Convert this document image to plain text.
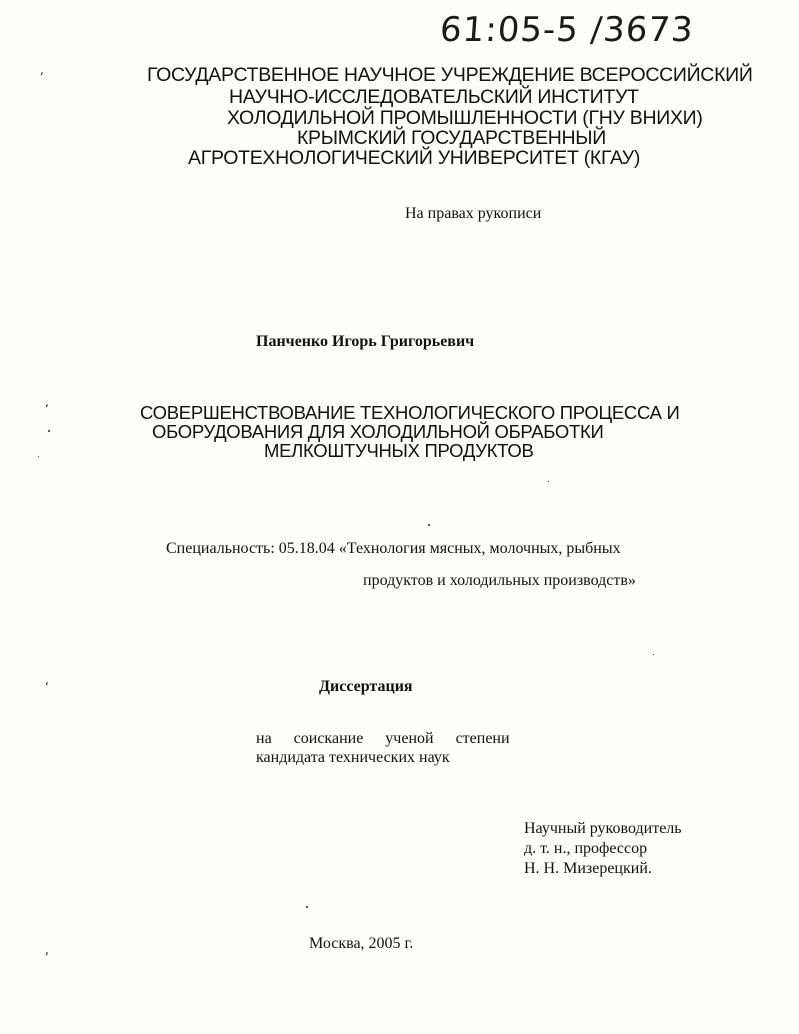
61:05-5 /3673
ГОСУДАРСТВЕННОЕ НАУЧНОЕ УЧРЕЖДЕНИЕ ВСЕРОССИЙСКИЙ
НАУЧНО-ИССЛЕДОВАТЕЛЬСКИЙ ИНСТИТУТ
ХОЛОДИЛЬНОЙ ПРОМЫШЛЕННОСТИ (ГНУ ВНИХИ)
КРЫМСКИЙ ГОСУДАРСТВЕННЫЙ
АГРОТЕХНОЛОГИЧЕСКИЙ УНИВЕРСИТЕТ (КГАУ)
На правах рукописи
Панченко Игорь Григорьевич
СОВЕРШЕНСТВОВАНИЕ ТЕХНОЛОГИЧЕСКОГО ПРОЦЕССА И
ОБОРУДОВАНИЯ ДЛЯ ХОЛОДИЛЬНОЙ ОБРАБОТКИ
МЕЛКОШТУЧНЫХ ПРОДУКТОВ
Специальность: 05.18.04 «Технология мясных, молочных, рыбных
продуктов и холодильных производств»
Диссертация
на соискание ученой степени
кандидата технических наук
Научный руководитель
д. т. н., профессор
Н. Н. Мизерецкий.
Москва, 2005 г.
ʻ
ʻ
ʻ
ʻ
